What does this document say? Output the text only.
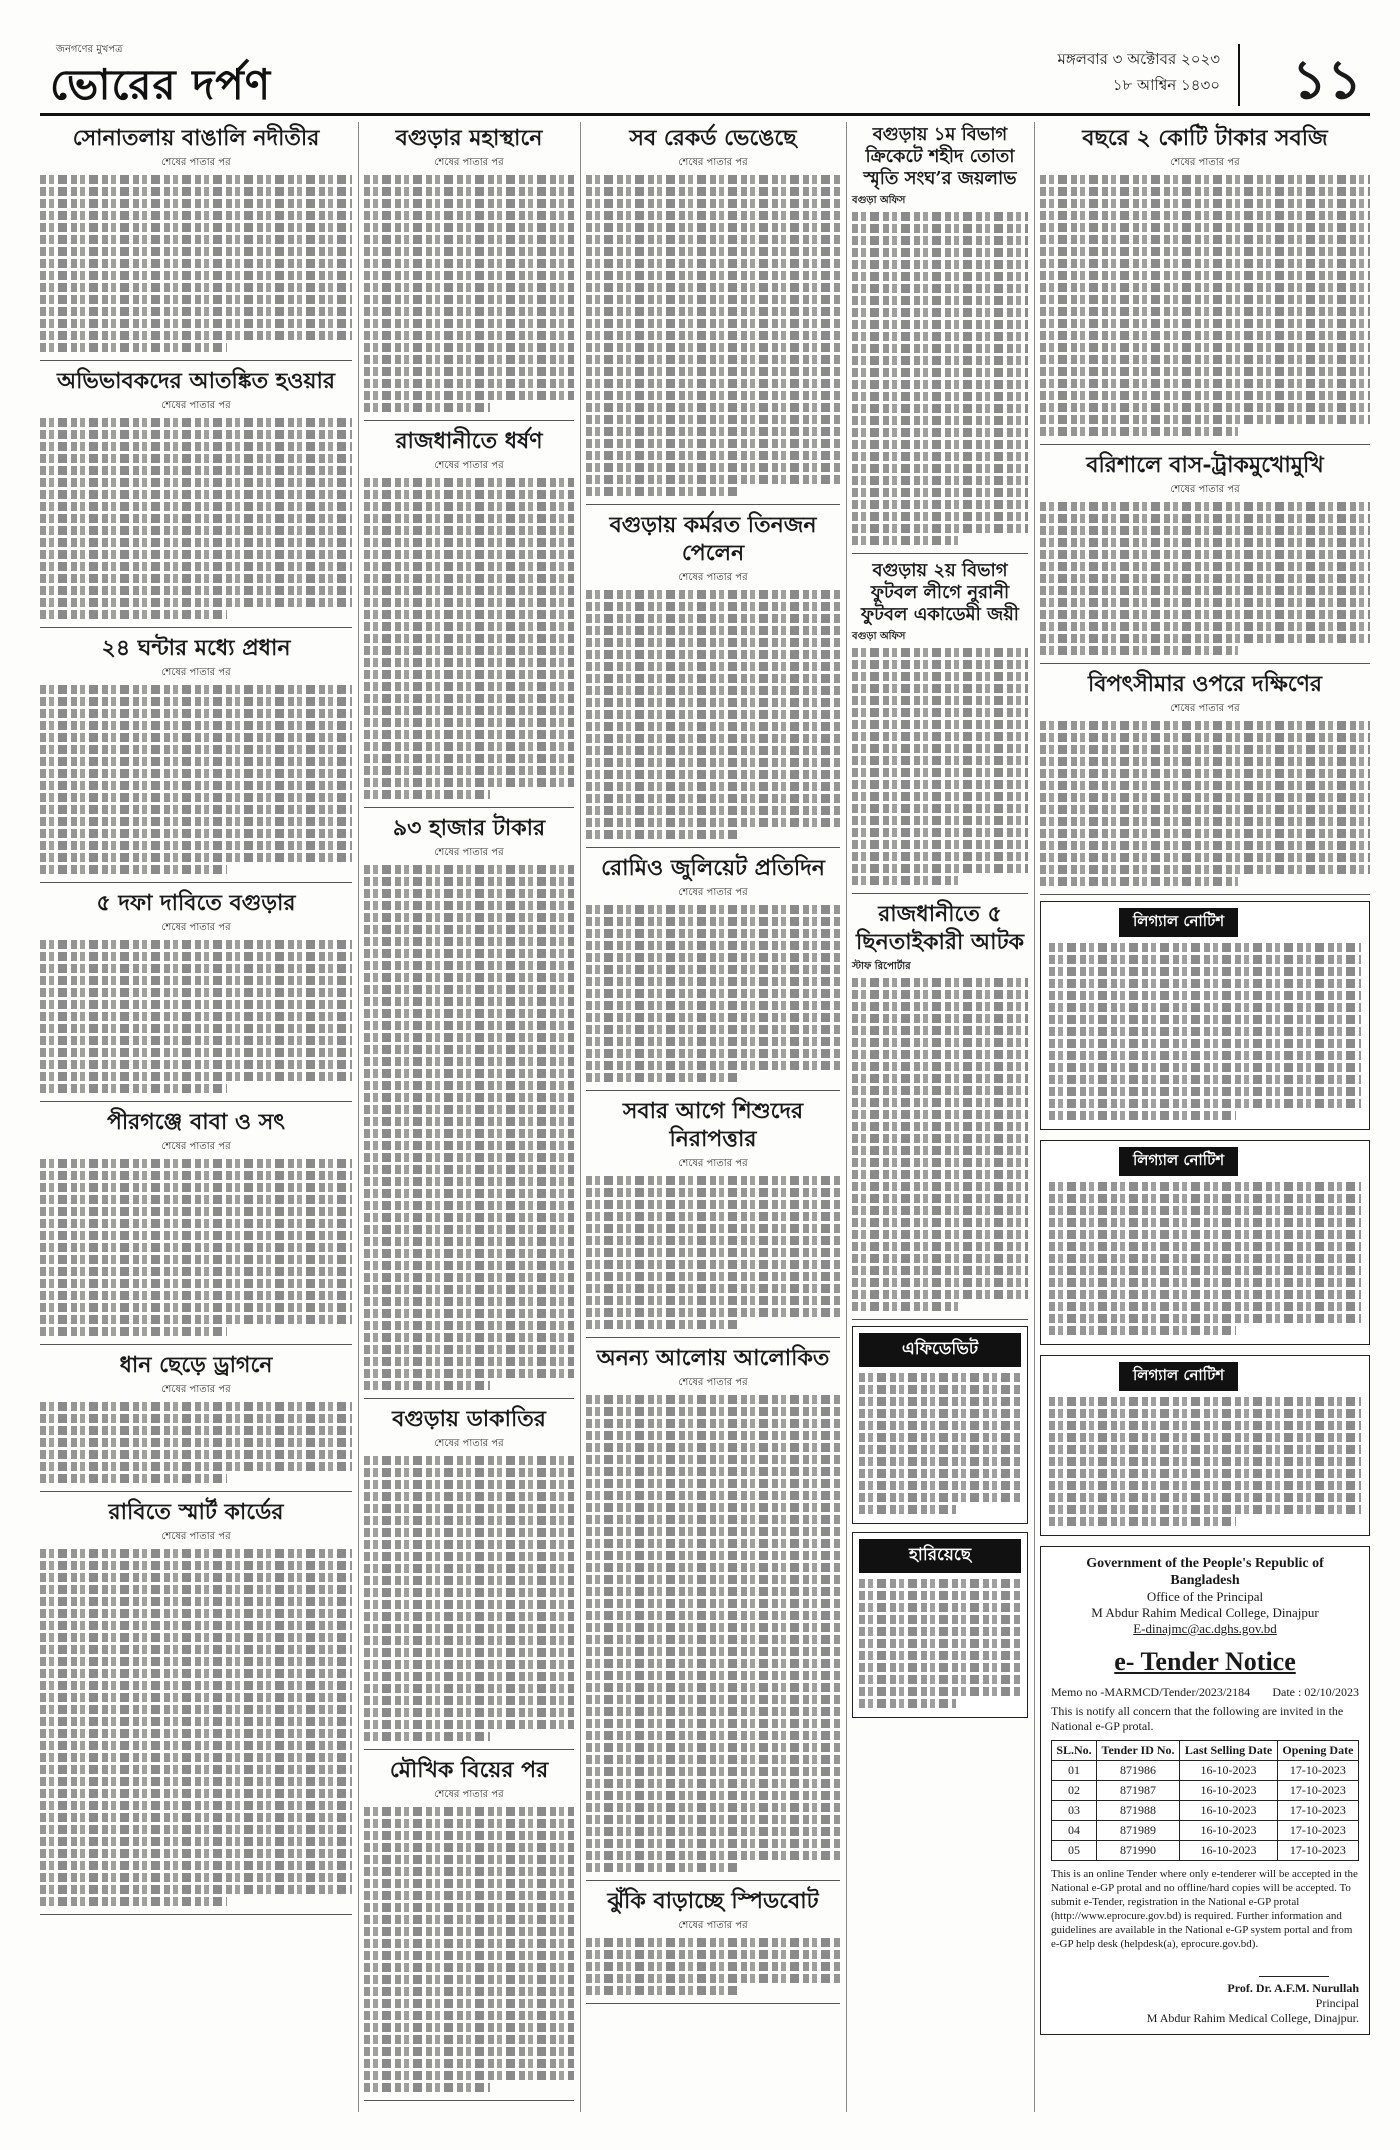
জনগণের মুখপত্র
ভোরের দর্পণ
মঙ্গলবার ৩ অক্টোবর ২০২৩
১৮ আশ্বিন ১৪৩০ ১১
সোনাতলায় বাঙালি নদীতীর
শেষের পাতার পর
অভিভাবকদের আতঙ্কিত হওয়ার
শেষের পাতার পর
২৪ ঘন্টার মধ্যে প্রধান
শেষের পাতার পর
৫ দফা দাবিতে বগুড়ার
শেষের পাতার পর
পীরগঞ্জে বাবা ও সৎ
শেষের পাতার পর
ধান ছেড়ে ড্রাগনে
শেষের পাতার পর
রাবিতে স্মার্ট কার্ডের
শেষের পাতার পর
বগুড়ার মহাস্থানে
শেষের পাতার পর
রাজধানীতে ধর্ষণ
শেষের পাতার পর
৯৩ হাজার টাকার
শেষের পাতার পর
বগুড়ায় ডাকাতির
শেষের পাতার পর
মৌখিক বিয়ের পর
শেষের পাতার পর
সব রেকর্ড ভেঙেছে
শেষের পাতার পর
বগুড়ায় কর্মরত তিনজন পেলেন
শেষের পাতার পর
রোমিও জুলিয়েট প্রতিদিন
শেষের পাতার পর
সবার আগে শিশুদের নিরাপত্তার
শেষের পাতার পর
অনন্য আলোয় আলোকিত
শেষের পাতার পর
ঝুঁকি বাড়াচ্ছে স্পিডবোট
শেষের পাতার পর
বগুড়ায় ১ম বিভাগ ক্রিকেটে শহীদ তোতা স্মৃতি সংঘ’র জয়লাভ
বগুড়া অফিস
বগুড়ায় ২য় বিভাগ ফুটবল লীগে নুরানী ফুটবল একাডেমী জয়ী
বগুড়া অফিস
রাজধানীতে ৫ ছিনতাইকারী আটক
স্টাফ রিপোর্টার
এফিডেভিট
হারিয়েছে
বছরে ২ কোটি টাকার সবজি
শেষের পাতার পর
বরিশালে বাস-ট্রাকমুখোমুখি
শেষের পাতার পর
বিপৎসীমার ওপরে দক্ষিণের
শেষের পাতার পর
লিগ্যাল নোটিশ
লিগ্যাল নোটিশ
লিগ্যাল নোটিশ
Government of the People's Republic of Bangladesh
Office of the Principal
M Abdur Rahim Medical College, Dinajpur
E-dinajmc@ac.dghs.gov.bd
e- Tender Notice
Memo no -MARMCD/Tender/2023/2184 Date : 02/10/2023
This is notify all concern that the following are invited in the National e-GP protal.
SL.No.	Tender ID No.	Last Selling Date	Opening Date
01	871986	16-10-2023	17-10-2023
02	871987	16-10-2023	17-10-2023
03	871988	16-10-2023	17-10-2023
04	871989	16-10-2023	17-10-2023
05	871990	16-10-2023	17-10-2023
This is an online Tender where only e-tenderer will be accepted in the National e-GP protal and no offline/hard copies will be accepted. To submit e-Tender, registration in the National e-GP protal (http://www.eprocure.gov.bd) is required. Further information and guidelines are available in the National e-GP system portal and from e-GP help desk (helpdesk(a), eprocure.gov.bd).
Prof. Dr. A.F.M. Nurullah
Principal
M Abdur Rahim Medical College, Dinajpur.
